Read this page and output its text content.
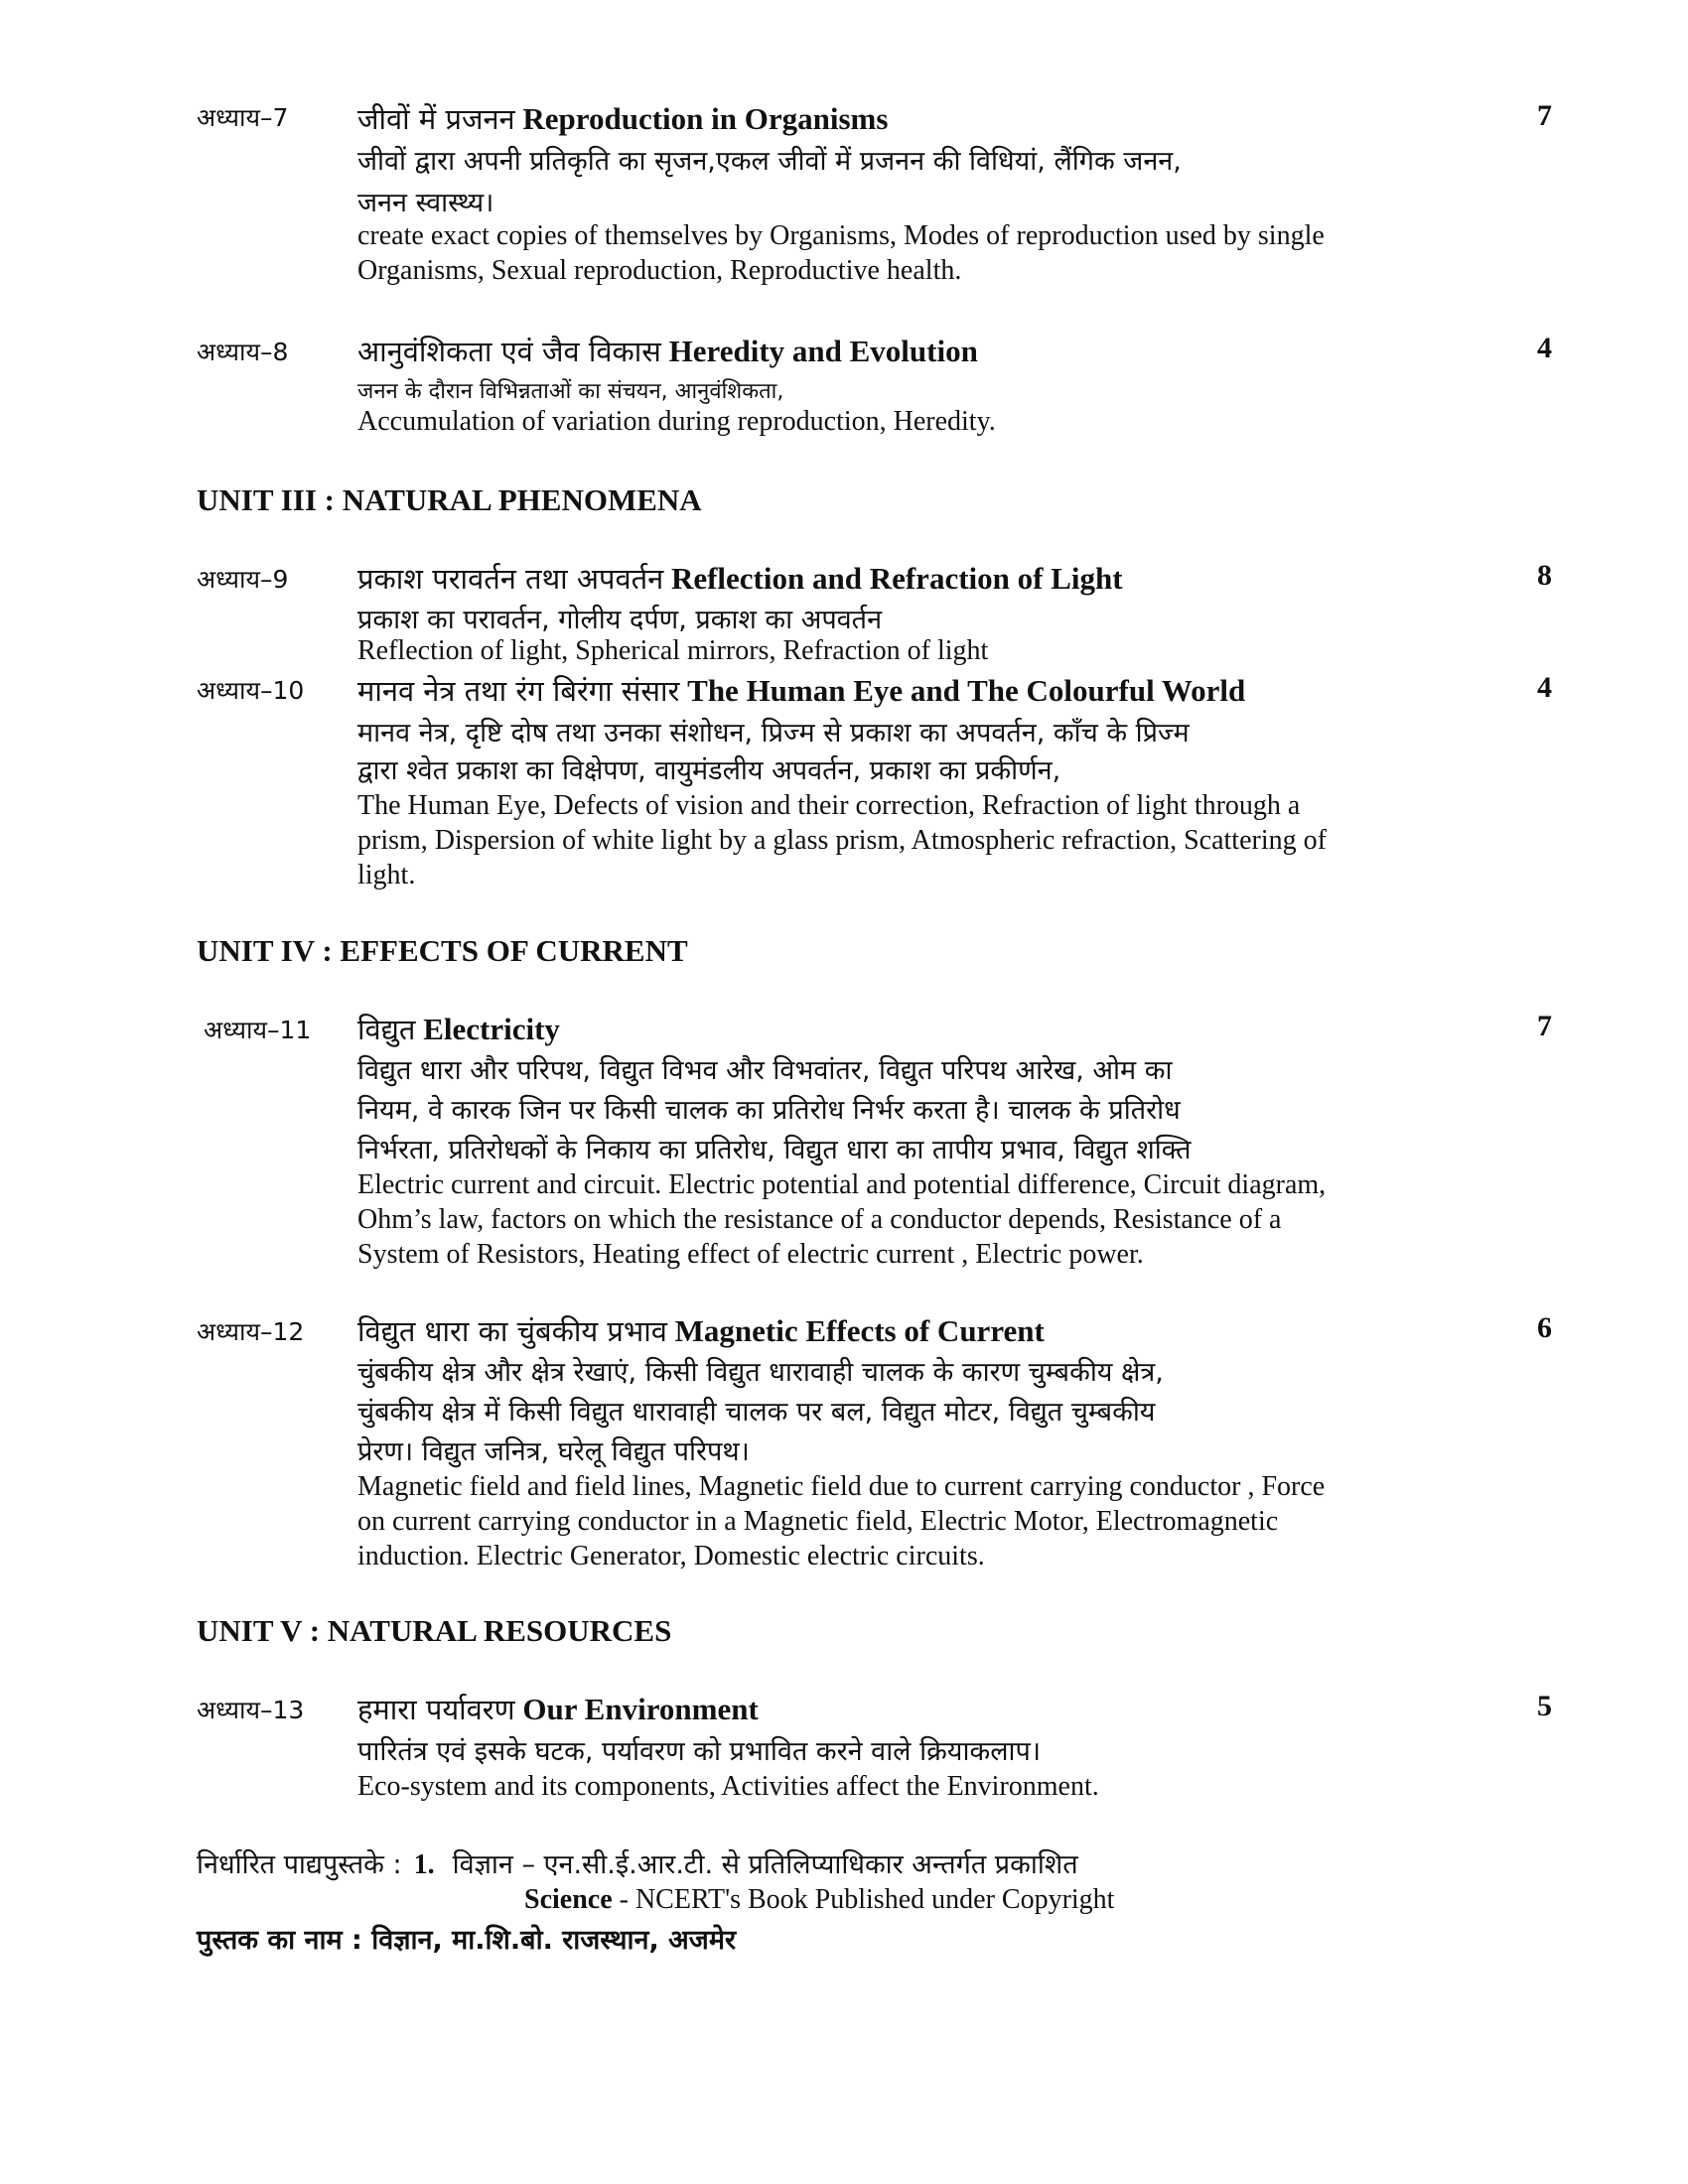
अध्याय–7 जीवों में प्रजनन Reproduction in Organisms	7
जीवों द्वारा अपनी प्रतिकृति का सृजन,एकल जीवों में प्रजनन की विधियां, लैंगिक जनन,
जनन स्वास्थ्य।
create exact copies of themselves by Organisms, Modes of reproduction used by single
Organisms, Sexual reproduction, Reproductive health.
अध्याय–8 आनुवंशिकता एवं जैव विकास Heredity and Evolution	4
जनन के दौरान विभिन्नताओं का संचयन, आनुवंशिकता,
Accumulation of variation during reproduction, Heredity.
UNIT III : NATURAL PHENOMENA
अध्याय–9 प्रकाश परावर्तन तथा अपवर्तन Reflection and Refraction of Light	8
प्रकाश का परावर्तन, गोलीय दर्पण, प्रकाश का अपवर्तन
Reflection of light, Spherical mirrors, Refraction of light
अध्याय–10 मानव नेत्र तथा रंग बिरंगा संसार The Human Eye and The Colourful World	4
मानव नेत्र, दृष्टि दोष तथा उनका संशोधन, प्रिज्म से प्रकाश का अपवर्तन, काँच के प्रिज्म
द्वारा श्वेत प्रकाश का विक्षेपण, वायुमंडलीय अपवर्तन, प्रकाश का प्रकीर्णन,
The Human Eye, Defects of vision and their correction, Refraction of light through a
prism, Dispersion of white light by a glass prism, Atmospheric refraction, Scattering of
light.
UNIT IV : EFFECTS OF CURRENT
अध्याय–11 विद्युत Electricity	7
विद्युत धारा और परिपथ, विद्युत विभव और विभवांतर, विद्युत परिपथ आरेख, ओम का
नियम, वे कारक जिन पर किसी चालक का प्रतिरोध निर्भर करता है। चालक के प्रतिरोध
निर्भरता, प्रतिरोधकों के निकाय का प्रतिरोध, विद्युत धारा का तापीय प्रभाव, विद्युत शक्ति
Electric current and circuit. Electric potential and potential difference, Circuit diagram,
Ohm’s law, factors on which the resistance of a conductor depends, Resistance of a
System of Resistors, Heating effect of electric current , Electric power.
अध्याय–12 विद्युत धारा का चुंबकीय प्रभाव Magnetic Effects of Current	6
चुंबकीय क्षेत्र और क्षेत्र रेखाएं, किसी विद्युत धारावाही चालक के कारण चुम्बकीय क्षेत्र,
चुंबकीय क्षेत्र में किसी विद्युत धारावाही चालक पर बल, विद्युत मोटर, विद्युत चुम्बकीय
प्रेरण। विद्युत जनित्र, घरेलू विद्युत परिपथ।
Magnetic field and field lines, Magnetic field due to current carrying conductor , Force
on current carrying conductor in a Magnetic field, Electric Motor, Electromagnetic
induction. Electric Generator, Domestic electric circuits.
UNIT V : NATURAL RESOURCES
अध्याय–13 हमारा पर्यावरण Our Environment	5
पारितंत्र एवं इसके घटक, पर्यावरण को प्रभावित करने वाले क्रियाकलाप।
Eco-system and its components, Activities affect the Environment.
निर्धारित पाद्यपुस्तके : 1. विज्ञान – एन.सी.ई.आर.टी. से प्रतिलिप्याधिकार अन्तर्गत प्रकाशित
Science - NCERT's Book Published under Copyright
पुस्तक का नाम : विज्ञान, मा.शि.बो. राजस्थान, अजमेर
